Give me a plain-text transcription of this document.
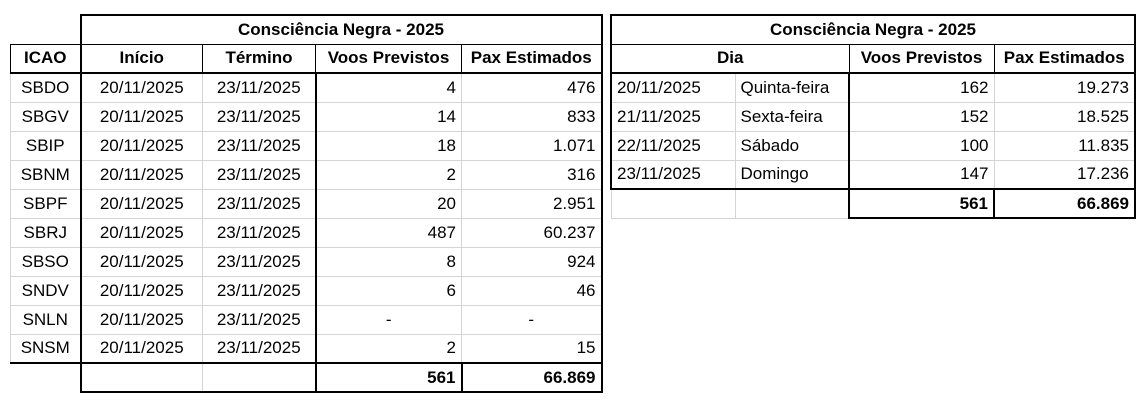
	Consciência Negra - 2025			
ICAO	Início	Término	Voos Previstos	Pax Estimados
SBDO	20/11/2025	23/11/2025	4	476
SBGV	20/11/2025	23/11/2025	14	833
SBIP	20/11/2025	23/11/2025	18	1.071
SBNM	20/11/2025	23/11/2025	2	316
SBPF	20/11/2025	23/11/2025	20	2.951
SBRJ	20/11/2025	23/11/2025	487	60.237
SBSO	20/11/2025	23/11/2025	8	924
SNDV	20/11/2025	23/11/2025	6	46
SNLN	20/11/2025	23/11/2025	-	-
SNSM	20/11/2025	23/11/2025	2	15
			561	66.869
Consciência Negra - 2025			
Dia		Voos Previstos	Pax Estimados
20/11/2025	Quinta-feira	162	19.273
21/11/2025	Sexta-feira	152	18.525
22/11/2025	Sábado	100	11.835
23/11/2025	Domingo	147	17.236
		561	66.869
